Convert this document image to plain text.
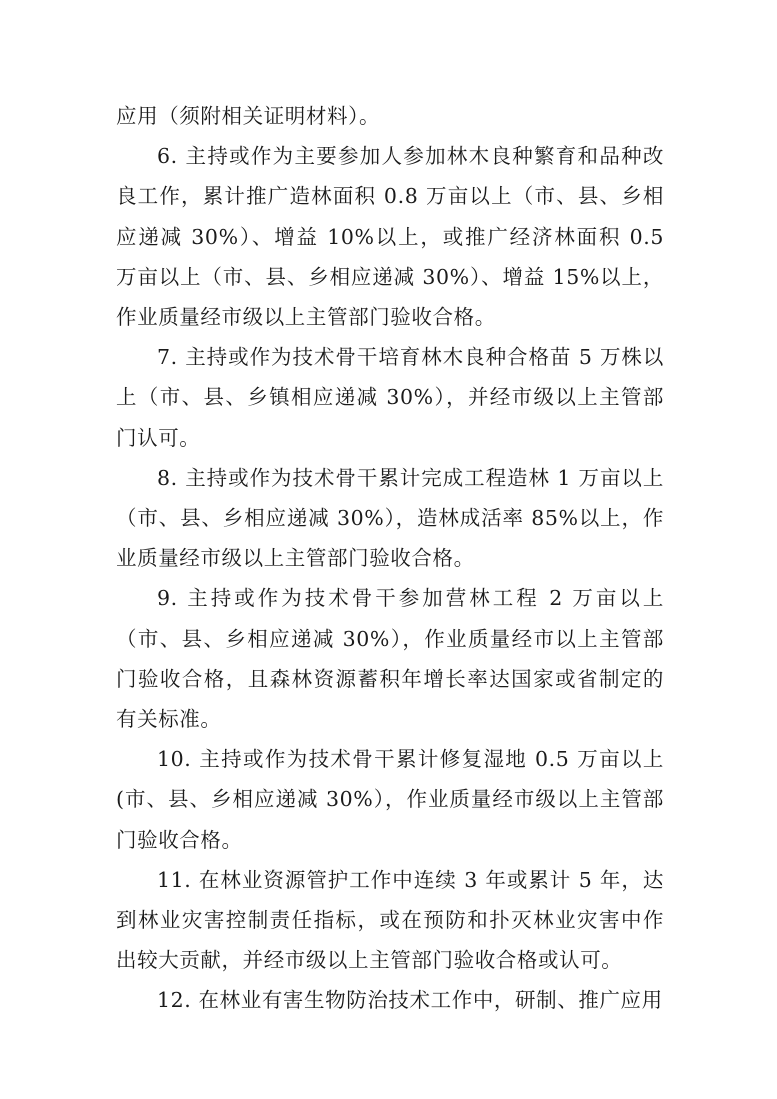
应用（须附相关证明材料）。

6. 主持或作为主要参加人参加林木良种繁育和品种改良工作，累计推广造林面积 0.8 万亩以上（市、县、乡相应递减 30%）、增益 10%以上，或推广经济林面积 0.5 万亩以上（市、县、乡相应递减 30%）、增益 15%以上，作业质量经市级以上主管部门验收合格。

7. 主持或作为技术骨干培育林木良种合格苗 5 万株以上（市、县、乡镇相应递减 30%），并经市级以上主管部门认可。

8. 主持或作为技术骨干累计完成工程造林 1 万亩以上（市、县、乡相应递减 30%），造林成活率 85%以上，作业质量经市级以上主管部门验收合格。

9. 主持或作为技术骨干参加营林工程 2 万亩以上（市、县、乡相应递减 30%），作业质量经市以上主管部门验收合格，且森林资源蓄积年增长率达国家或省制定的有关标准。

10. 主持或作为技术骨干累计修复湿地 0.5 万亩以上(市、县、乡相应递减 30%），作业质量经市级以上主管部门验收合格。

11. 在林业资源管护工作中连续 3 年或累计 5 年，达到林业灾害控制责任指标，或在预防和扑灭林业灾害中作出较大贡献，并经市级以上主管部门验收合格或认可。

12. 在林业有害生物防治技术工作中，研制、推广应用
